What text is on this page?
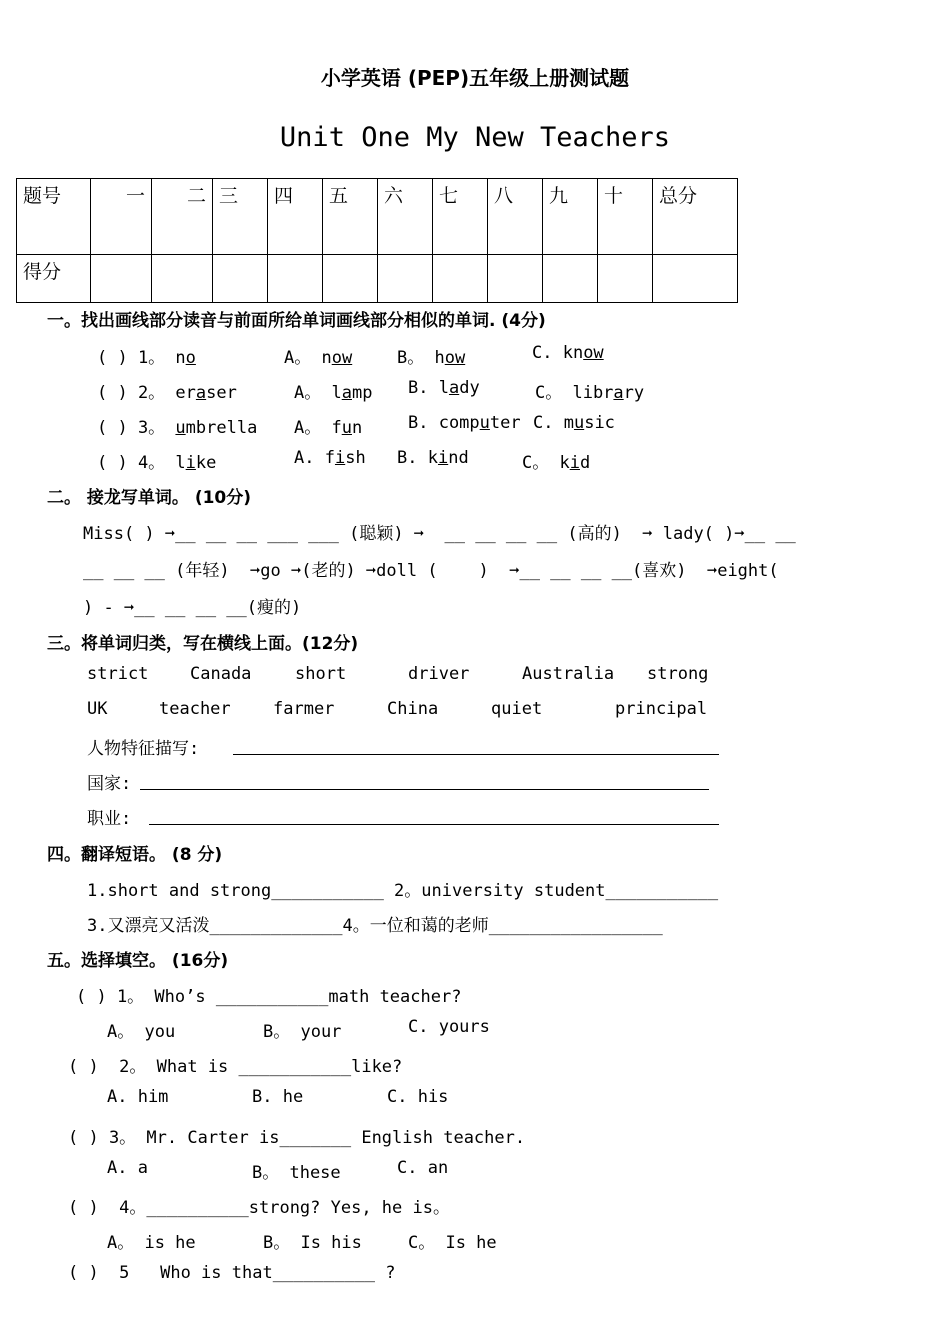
小学英语 (PEP)五年级上册测试题
Unit One My New Teachers
题号	一	二	三	四	五	六	七	八	九	十	总分

得分											

一。找出画线部分读音与前面所给单词画线部分相似的单词. (4分)
( ) 1。 no	A。 now	B。 how	C. know
( ) 2。 eraser	A。 lamp B. lady	C。 library
( ) 3。 umbrella A。 fun	B. computer C. music
( ) 4。 like	A. fish B. kind	C。 kid
二。 接龙写单词。 (10分)
Miss( ) ➞__ __ __ ___ ___ (聪颖) ➞  __ __ __ __ (高的)  ➞ lady( )➞__ __
__ __ __ (年轻)  ➞go ➞(老的) ➞doll (    )  ➞__ __ __ __(喜欢)  ➞eight(
) - ➞__ __ __ __(瘦的)
三。将单词归类，写在横线上面。(12分)
strict Canada	short	driver	Australia strong
UK	teacher farmer	China	quiet	principal
人物特征描写:
国家:
职业:
四。翻译短语。 (8 分)
1.short and strong___________ 2。university student___________
3.又漂亮又活泼_____________4。一位和蔼的老师_________________
五。选择填空。 (16分)
( ) 1。 Who’s ___________math teacher?
A。 you	B。 your	C. yours
( )  2。 What is ___________like?
A. him	B. he	C. his
( ) 3。 Mr. Carter is_______ English teacher.
A. a	B。 these	C. an
( )  4。__________strong? Yes, he is。
A。 is he	B。 Is his	C。 Is he
( )  5   Who is that__________ ?
